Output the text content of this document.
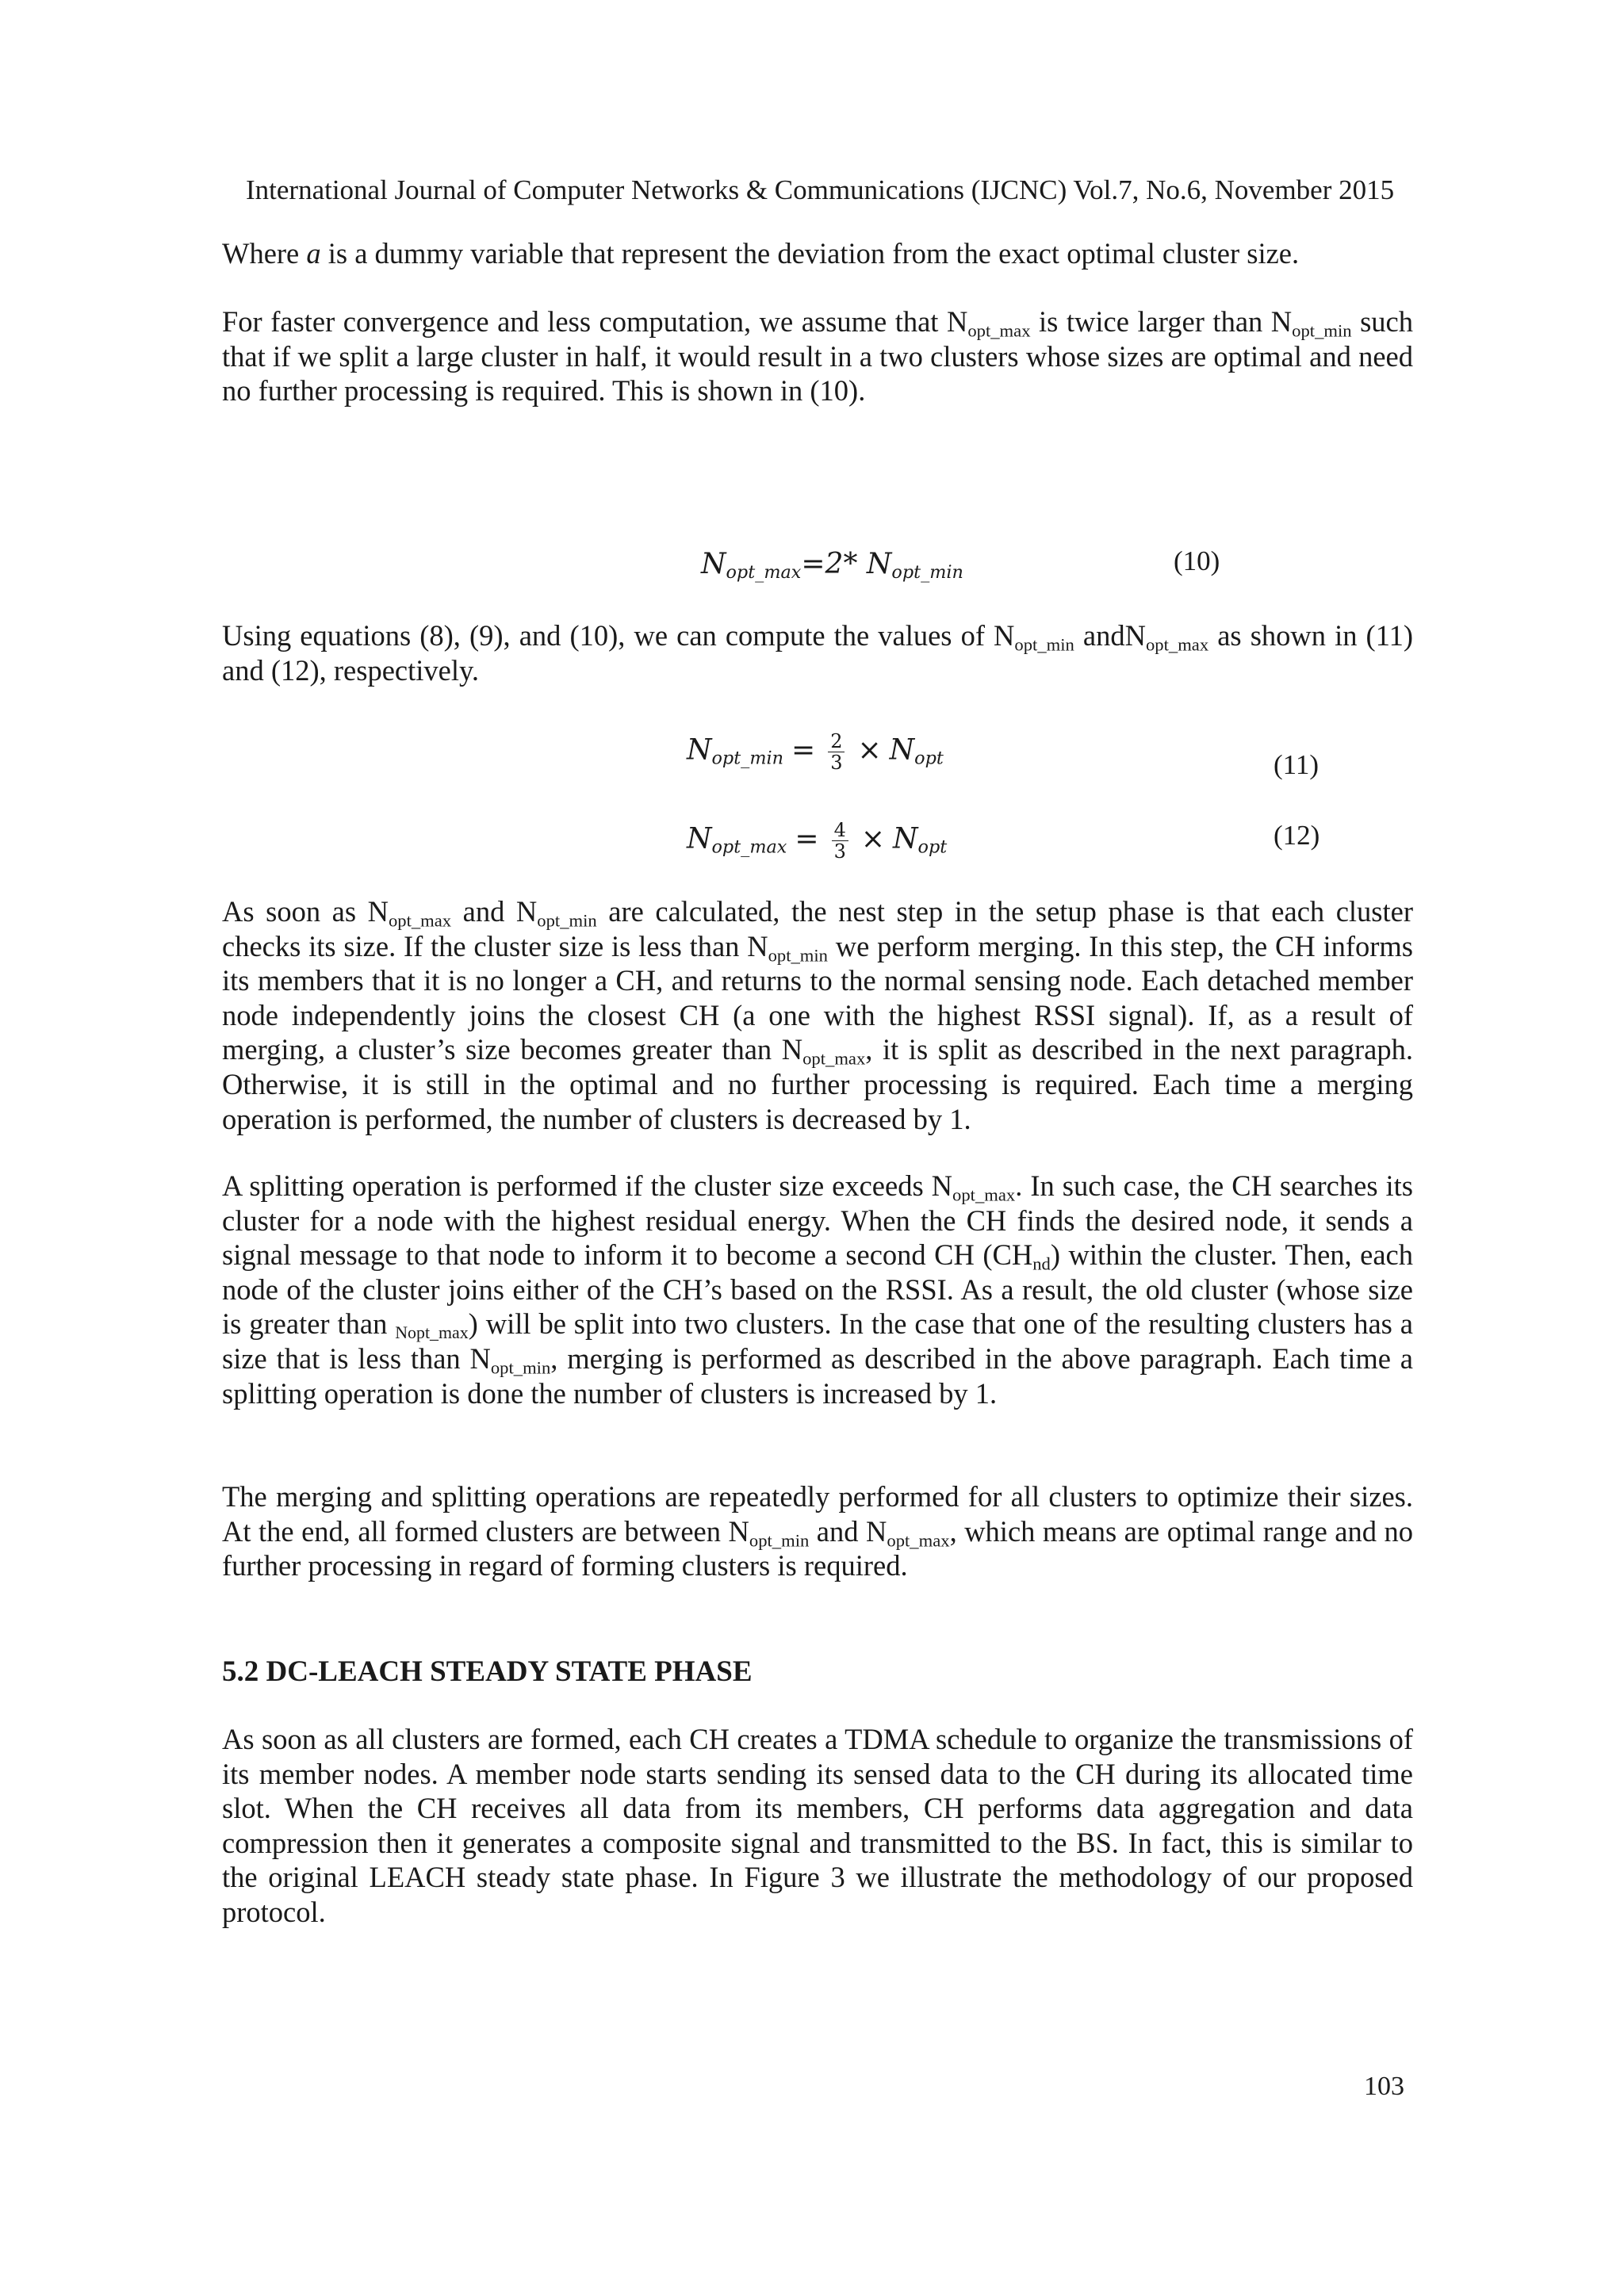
International Journal of Computer Networks & Communications (IJCNC) Vol.7, No.6, November 2015

Where a is a dummy variable that represent the deviation from the exact optimal cluster size.

For faster convergence and less computation, we assume that $N_{opt\_max}$ is twice larger than $N_{opt\_min}$ such that if we split a large cluster in half, it would result in a two clusters whose sizes are optimal and need no further processing is required. This is shown in (10).

$N_{opt\_max}=2*$ $N_{opt\_min}$	(10)

Using equations (8), (9), and (10), we can compute the values of $N_{opt\_min}$ andN$_{opt\_max}$ as shown in (11) and (12), respectively.

$N_{opt\_min} = \frac{2}{3} \times N_{opt}$	(11)
$N_{opt\_max} = \frac{4}{3} \times N_{opt}$	(12)

As soon as $N_{opt\_max}$ and $N_{opt\_min}$ are calculated, the nest step in the setup phase is that each cluster checks its size. If the cluster size is less than $N_{opt\_min}$ we perform merging. In this step, the CH informs its members that it is no longer a CH, and returns to the normal sensing node. Each detached member node independently joins the closest CH (a one with the highest RSSI signal). If, as a result of merging, a cluster’s size becomes greater than $N_{opt\_max}$, it is split as described in the next paragraph. Otherwise, it is still in the optimal and no further processing is required. Each time a merging operation is performed, the number of clusters is decreased by 1.

A splitting operation is performed if the cluster size exceeds $N_{opt\_max}$. In such case, the CH searches its cluster for a node with the highest residual energy. When the CH finds the desired node, it sends a signal message to that node to inform it to become a second CH $(CH_{nd})$ within the cluster. Then, each node of the cluster joins either of the CH’s based on the RSSI. As a result, the old cluster (whose size is greater than $_{Nopt\_max}$) will be split into two clusters. In the case that one of the resulting clusters has a size that is less than $N_{opt\_min}$, merging is performed as described in the above paragraph. Each time a splitting operation is done the number of clusters is increased by 1.

The merging and splitting operations are repeatedly performed for all clusters to optimize their sizes. At the end, all formed clusters are between $N_{opt\_min}$ and $N_{opt\_max}$, which means are optimal range and no further processing in regard of forming clusters is required.

5.2 DC-LEACH STEADY STATE PHASE

As soon as all clusters are formed, each CH creates a TDMA schedule to organize the transmissions of its member nodes. A member node starts sending its sensed data to the CH during its allocated time slot. When the CH receives all data from its members, CH performs data aggregation and data compression then it generates a composite signal and transmitted to the BS. In fact, this is similar to the original LEACH steady state phase. In Figure 3 we illustrate the methodology of our proposed protocol.

103
